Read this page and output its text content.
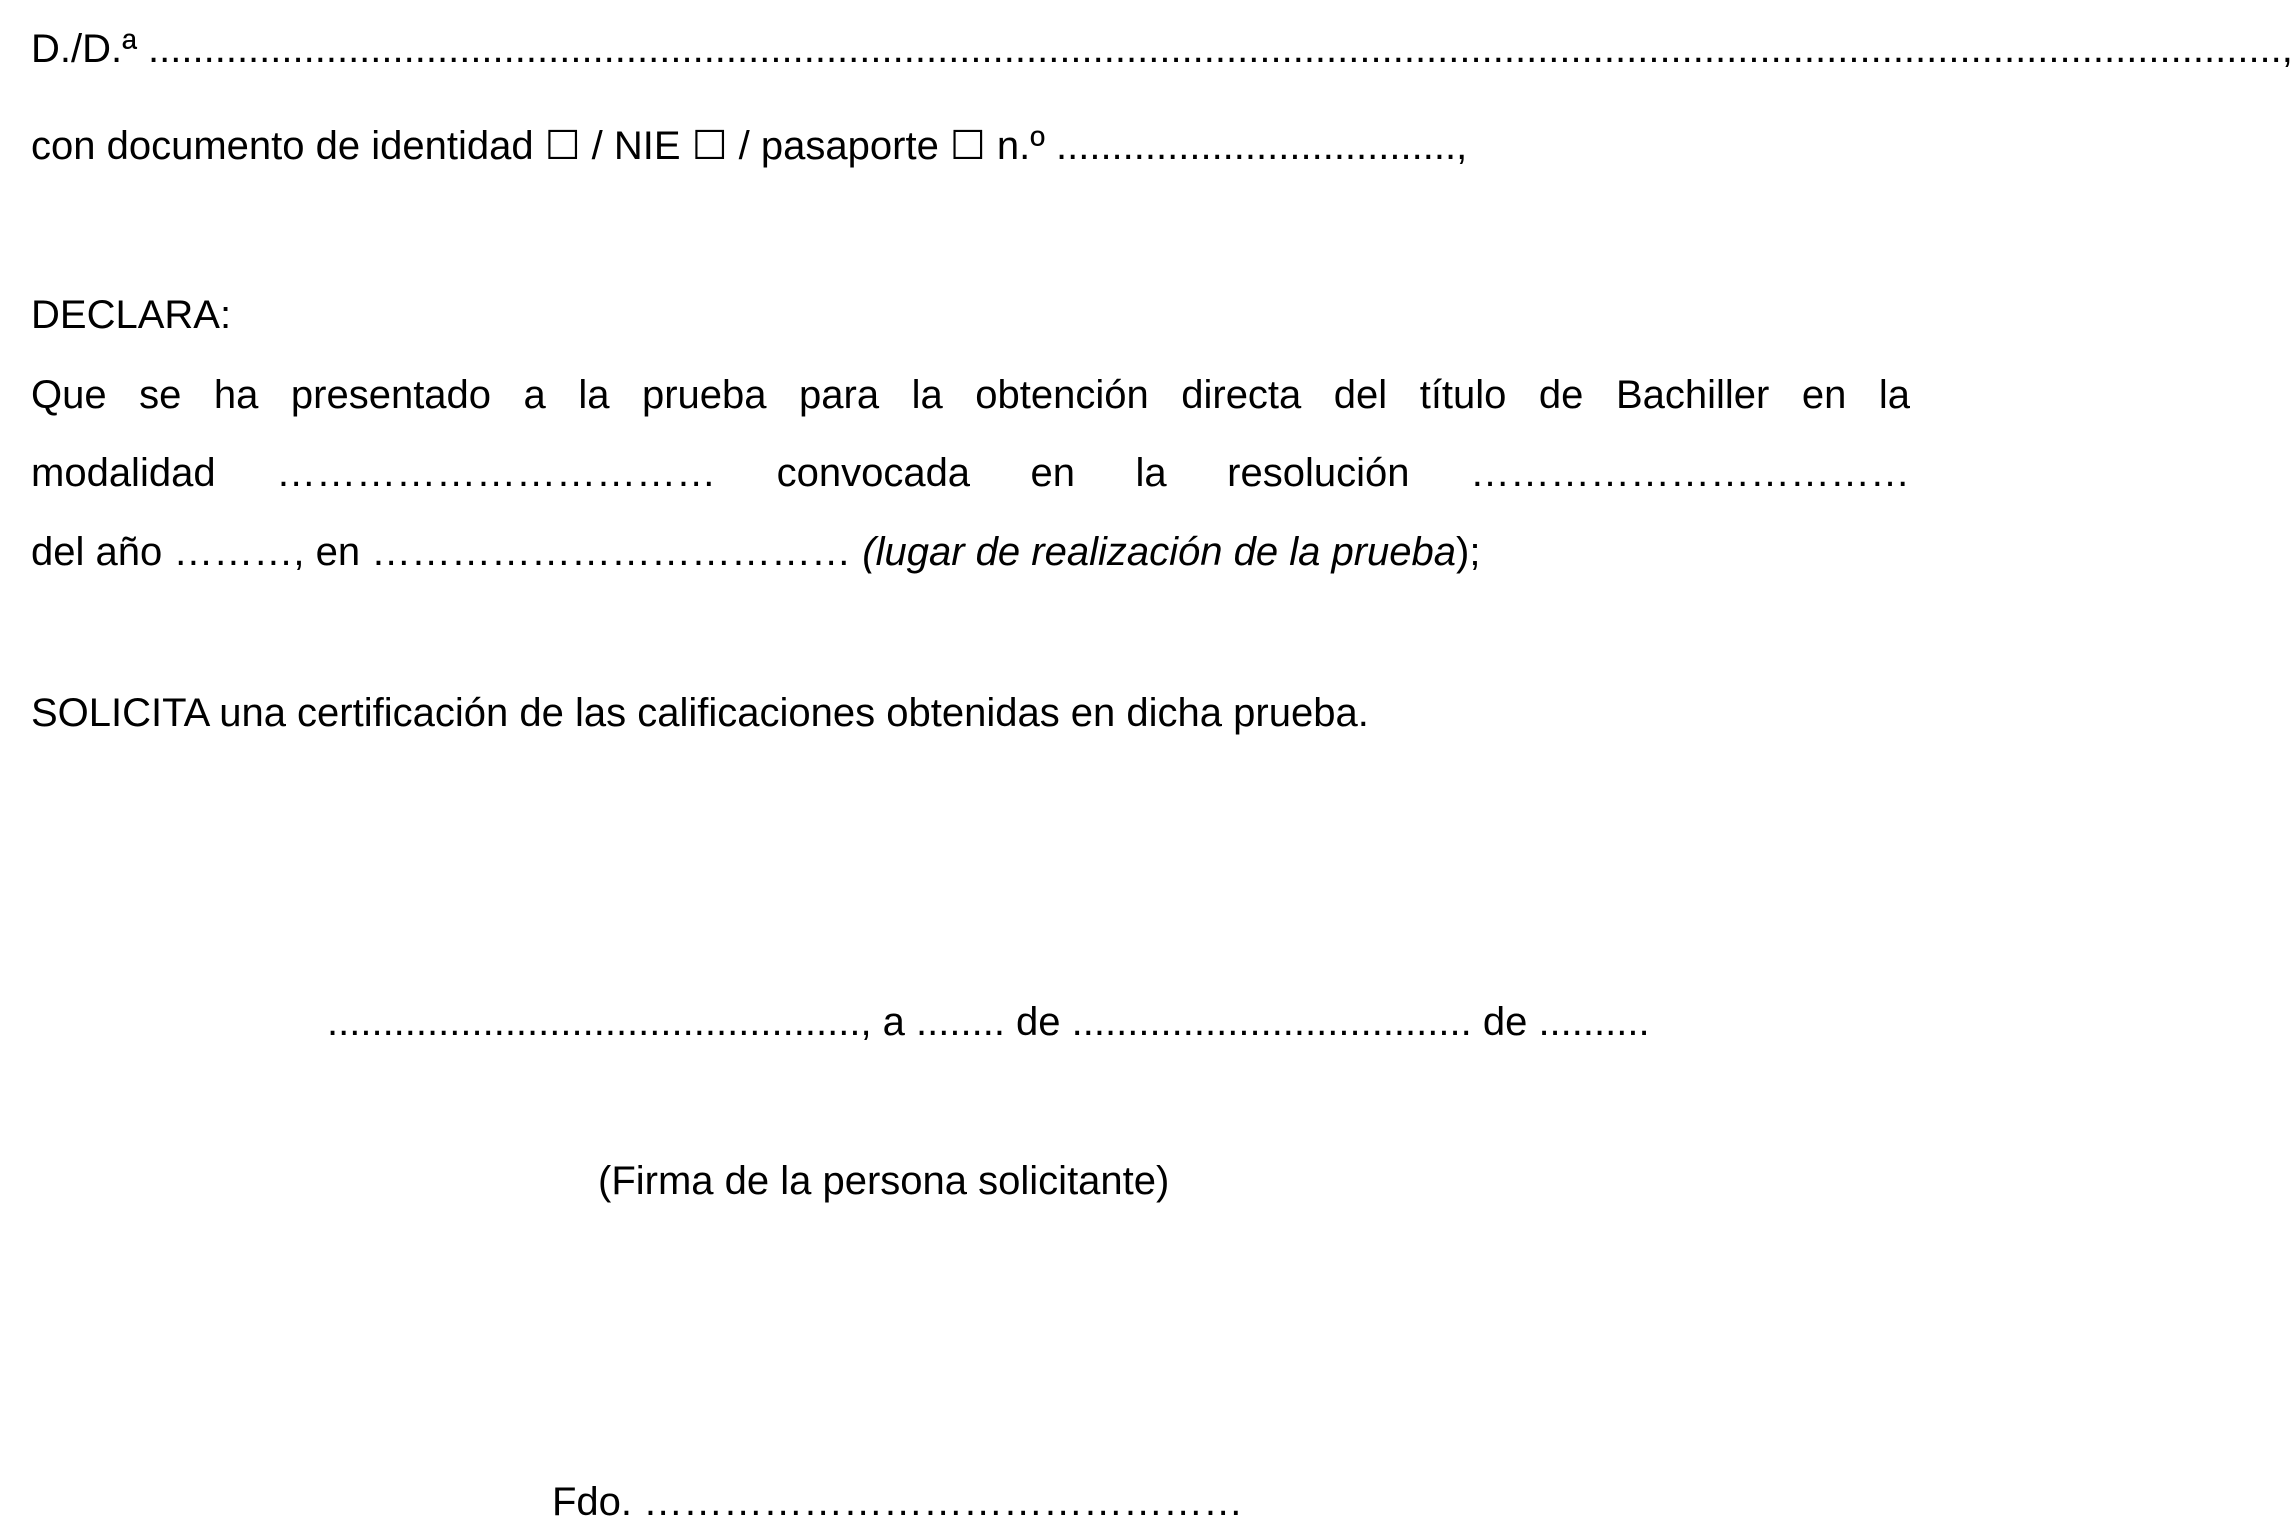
D./D.ª ................................................................................................................................................................................................ ,
con documento de identidad ☐ / NIE ☐ / pasaporte ☐ n.º ....................................,
DECLARA:
Que se ha presentado a la prueba para la obtención directa del título de Bachiller en la
modalidad …………………………… convocada en la resolución ……………………………
del año ………, en ……………………………… (lugar de realización de la prueba);
SOLICITA una certificación de las calificaciones obtenidas en dicha prueba.
................................................, a ........ de .................................... de ..........
(Firma de la persona solicitante)
Fdo. ………………………………………
